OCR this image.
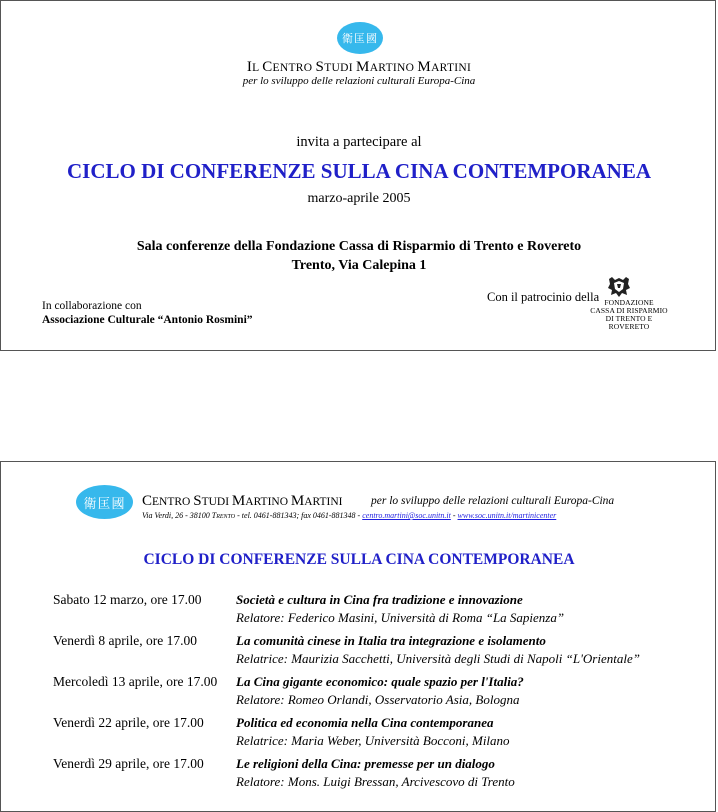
衛匡國
IL CENTRO STUDI MARTINO MARTINI
per lo sviluppo delle relazioni culturali Europa-Cina
invita a partecipare al
CICLO DI CONFERENZE SULLA CINA CONTEMPORANEA
marzo-aprile 2005
Sala conferenze della Fondazione Cassa di Risparmio di Trento e Rovereto
Trento, Via Calepina 1
In collaborazione con
Associazione Culturale “Antonio Rosmini”
Con il patrocinio della FONDAZIONE
CASSA DI RISPARMIO
DI TRENTO E ROVERETO
衛匡國	CENTRO STUDI MARTINO MARTINI per lo sviluppo delle relazioni culturali Europa-Cina
Via Verdi, 26 - 38100 Trento - tel. 0461-881343; fax 0461-881348 - centro.martini@soc.unitn.it - www.soc.unitn.it/martinicenter
CICLO DI CONFERENZE SULLA CINA CONTEMPORANEA
Sabato 12 marzo, ore 17.00	Società e cultura in Cina fra tradizione e innovazione
Relatore: Federico Masini, Università di Roma “La Sapienza”
Venerdì 8 aprile, ore 17.00	La comunità cinese in Italia tra integrazione e isolamento
Relatrice: Maurizia Sacchetti, Università degli Studi di Napoli “L'Orientale”
Mercoledì 13 aprile, ore 17.00 La Cina gigante economico: quale spazio per l'Italia?
Relatore: Romeo Orlandi, Osservatorio Asia, Bologna
Venerdì 22 aprile, ore 17.00 Politica ed economia nella Cina contemporanea
Relatrice: Maria Weber, Università Bocconi, Milano
Venerdì 29 aprile, ore 17.00 Le religioni della Cina: premesse per un dialogo
Relatore: Mons. Luigi Bressan, Arcivescovo di Trento
